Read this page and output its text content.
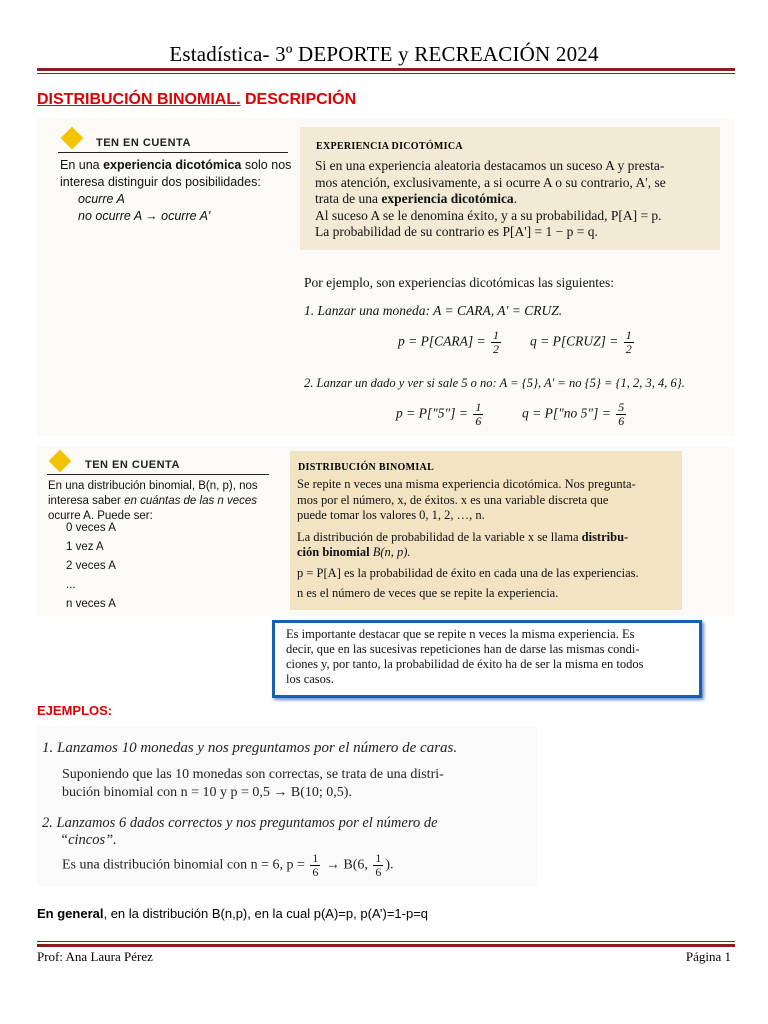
Estadística- 3º DEPORTE y RECREACIÓN 2024
DISTRIBUCIÓN BINOMIAL. DESCRIPCIÓN
TEN EN CUENTA
En una experiencia dicotómica solo nos
interesa distinguir dos posibilidades:
ocurre A
no ocurre A → ocurre A'
EXPERIENCIA DICOTÓMICA
Si en una experiencia aleatoria destacamos un suceso A y presta-
mos atención, exclusivamente, a si ocurre A o su contrario, A', se
trata de una experiencia dicotómica.
Al suceso A se le denomina éxito, y a su probabilidad, P[A] = p.
La probabilidad de su contrario es P[A'] = 1 − p = q.
Por ejemplo, son experiencias dicotómicas las siguientes:
1. Lanzar una moneda: A = CARA, A' = CRUZ.
p = P[CARA] = $\frac{1}{2}$ q = P[CRUZ] = $\frac{1}{2}$
2. Lanzar un dado y ver si sale 5 o no: A = {5}, A' = no {5} = {1, 2, 3, 4, 6}.
p = P["5"] = $\frac{1}{6}$	q = P["no 5"] = $\frac{5}{6}$
TEN EN CUENTA
En una distribución binomial, B(n, p), nos
interesa saber en cuántas de las n veces
ocurre A. Puede ser:
0 veces A
1 vez A
2 veces A
...
n veces A
DISTRIBUCIÓN BINOMIAL
Se repite n veces una misma experiencia dicotómica. Nos pregunta-
mos por el número, x, de éxitos. x es una variable discreta que
puede tomar los valores 0, 1, 2, …, n.
La distribución de probabilidad de la variable x se llama distribu-
ción binomial B(n, p).
p = P[A] es la probabilidad de éxito en cada una de las experiencias.
n es el número de veces que se repite la experiencia.
Es importante destacar que se repite n veces la misma experiencia. Es
decir, que en las sucesivas repeticiones han de darse las mismas condi-
ciones y, por tanto, la probabilidad de éxito ha de ser la misma en todos
los casos.
EJEMPLOS:
1. Lanzamos 10 monedas y nos preguntamos por el número de caras.
Suponiendo que las 10 monedas son correctas, se trata de una distri-
bución binomial con n = 10 y p = 0,5 → B(10; 0,5).
2. Lanzamos 6 dados correctos y nos preguntamos por el número de
“cincos”.
Es una distribución binomial con n = 6, $p = \frac{1}{6} \to B(6$, $\frac{1}{6}$ ).
En general, en la distribución B(n,p), en la cual p(A)=p, p(A’)=1-p=q
Prof: Ana Laura Pérez	Página 1
